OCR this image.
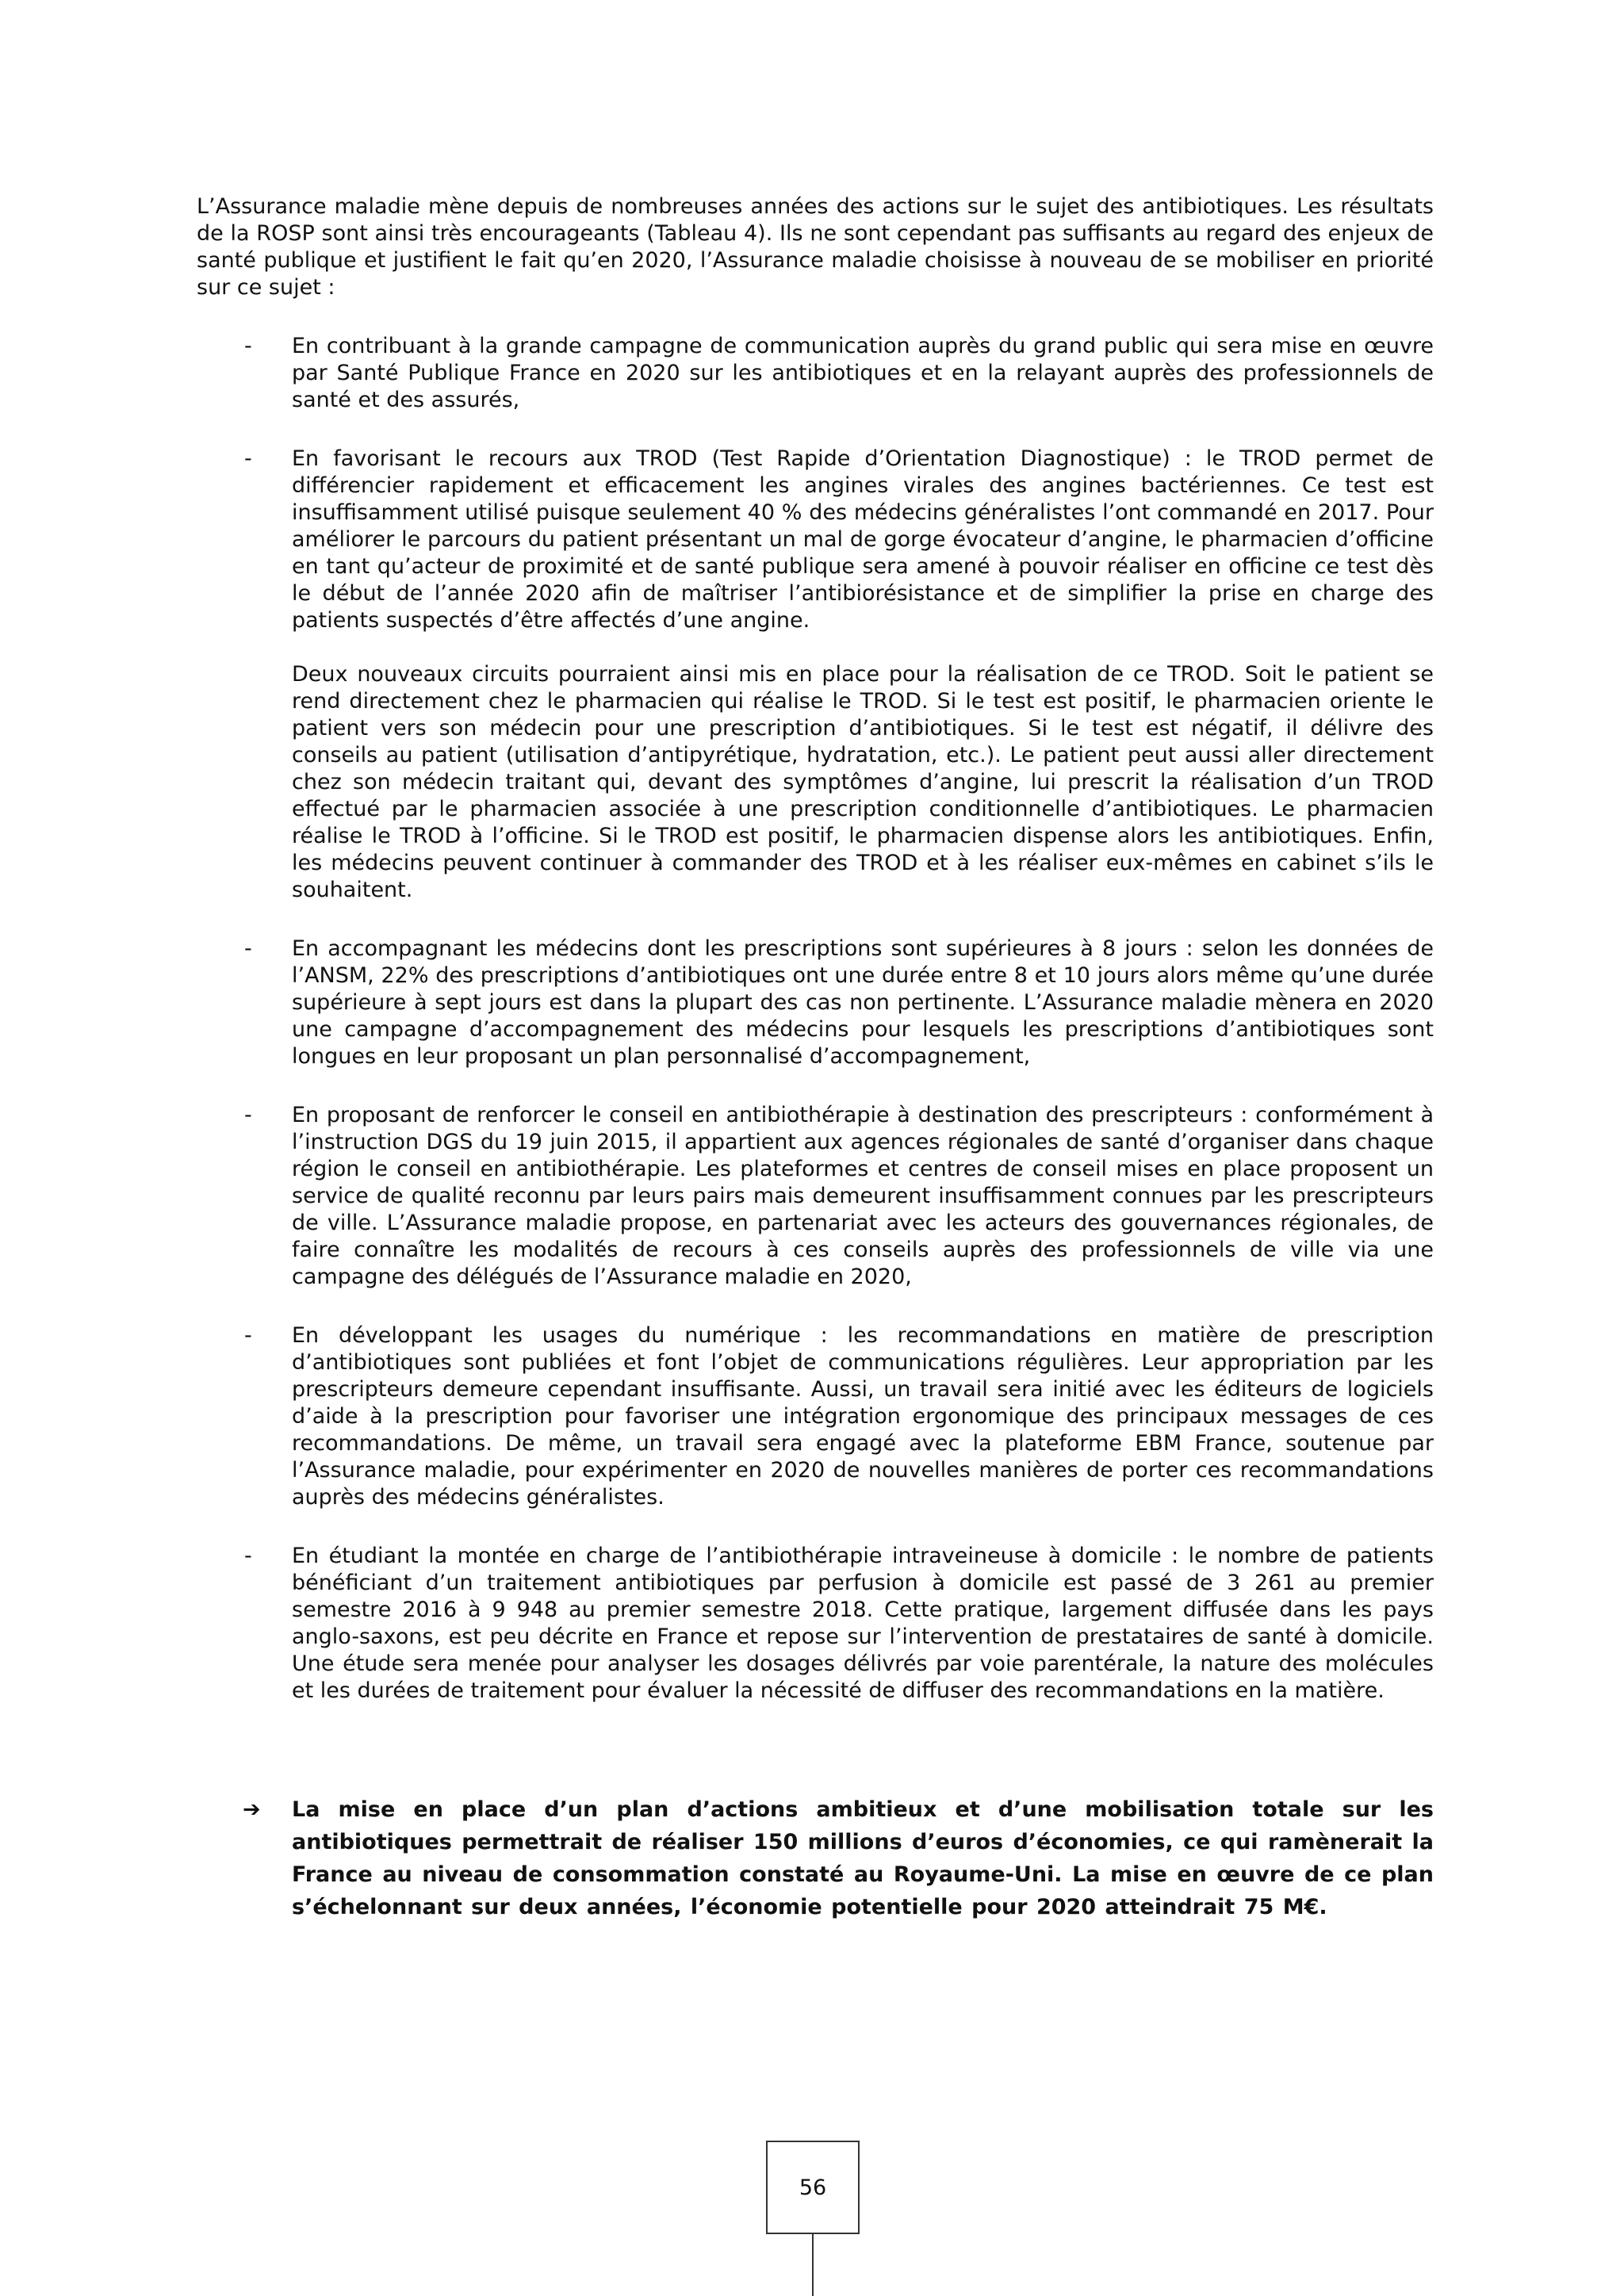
L’Assurance maladie mène depuis de nombreuses années des actions sur le sujet des antibiotiques. Les résultats de la ROSP sont ainsi très encourageants (Tableau 4). Ils ne sont cependant pas suffisants au regard des enjeux de santé publique et justifient le fait qu’en 2020, l’Assurance maladie choisisse à nouveau de se mobiliser en priorité sur ce sujet :

- En contribuant à la grande campagne de communication auprès du grand public qui sera mise en œuvre par Santé Publique France en 2020 sur les antibiotiques et en la relayant auprès des professionnels de santé et des assurés,

- En favorisant le recours aux TROD (Test Rapide d’Orientation Diagnostique) : le TROD permet de différencier rapidement et efficacement les angines virales des angines bactériennes. Ce test est insuffisamment utilisé puisque seulement 40 % des médecins généralistes l’ont commandé en 2017. Pour améliorer le parcours du patient présentant un mal de gorge évocateur d’angine, le pharmacien d’officine en tant qu’acteur de proximité et de santé publique sera amené à pouvoir réaliser en officine ce test dès le début de l’année 2020 afin de maîtriser l’antibiorésistance et de simplifier la prise en charge des patients suspectés d’être affectés d’une angine.

Deux nouveaux circuits pourraient ainsi mis en place pour la réalisation de ce TROD. Soit le patient se rend directement chez le pharmacien qui réalise le TROD. Si le test est positif, le pharmacien oriente le patient vers son médecin pour une prescription d’antibiotiques. Si le test est négatif, il délivre des conseils au patient (utilisation d’antipyrétique, hydratation, etc.). Le patient peut aussi aller directement chez son médecin traitant qui, devant des symptômes d’angine, lui prescrit la réalisation d’un TROD effectué par le pharmacien associée à une prescription conditionnelle d’antibiotiques. Le pharmacien réalise le TROD à l’officine. Si le TROD est positif, le pharmacien dispense alors les antibiotiques. Enfin, les médecins peuvent continuer à commander des TROD et à les réaliser eux-mêmes en cabinet s’ils le souhaitent.

- En accompagnant les médecins dont les prescriptions sont supérieures à 8 jours : selon les données de l’ANSM, 22% des prescriptions d’antibiotiques ont une durée entre 8 et 10 jours alors même qu’une durée supérieure à sept jours est dans la plupart des cas non pertinente. L’Assurance maladie mènera en 2020 une campagne d’accompagnement des médecins pour lesquels les prescriptions d’antibiotiques sont longues en leur proposant un plan personnalisé d’accompagnement,

- En proposant de renforcer le conseil en antibiothérapie à destination des prescripteurs : conformément à l’instruction DGS du 19 juin 2015, il appartient aux agences régionales de santé d’organiser dans chaque région le conseil en antibiothérapie. Les plateformes et centres de conseil mises en place proposent un service de qualité reconnu par leurs pairs mais demeurent insuffisamment connues par les prescripteurs de ville. L’Assurance maladie propose, en partenariat avec les acteurs des gouvernances régionales, de faire connaître les modalités de recours à ces conseils auprès des professionnels de ville via une campagne des délégués de l’Assurance maladie en 2020,

- En développant les usages du numérique : les recommandations en matière de prescription d’antibiotiques sont publiées et font l’objet de communications régulières. Leur appropriation par les prescripteurs demeure cependant insuffisante. Aussi, un travail sera initié avec les éditeurs de logiciels d’aide à la prescription pour favoriser une intégration ergonomique des principaux messages de ces recommandations. De même, un travail sera engagé avec la plateforme EBM France, soutenue par l’Assurance maladie, pour expérimenter en 2020 de nouvelles manières de porter ces recommandations auprès des médecins généralistes.

- En étudiant la montée en charge de l’antibiothérapie intraveineuse à domicile : le nombre de patients bénéficiant d’un traitement antibiotiques par perfusion à domicile est passé de 3 261 au premier semestre 2016 à 9 948 au premier semestre 2018. Cette pratique, largement diffusée dans les pays anglo-saxons, est peu décrite en France et repose sur l’intervention de prestataires de santé à domicile. Une étude sera menée pour analyser les dosages délivrés par voie parentérale, la nature des molécules et les durées de traitement pour évaluer la nécessité de diffuser des recommandations en la matière.

➔ La mise en place d’un plan d’actions ambitieux et d’une mobilisation totale sur les antibiotiques permettrait de réaliser 150 millions d’euros d’économies, ce qui ramènerait la France au niveau de consommation constaté au Royaume-Uni. La mise en œuvre de ce plan s’échelonnant sur deux années, l’économie potentielle pour 2020 atteindrait 75 M€.

56
